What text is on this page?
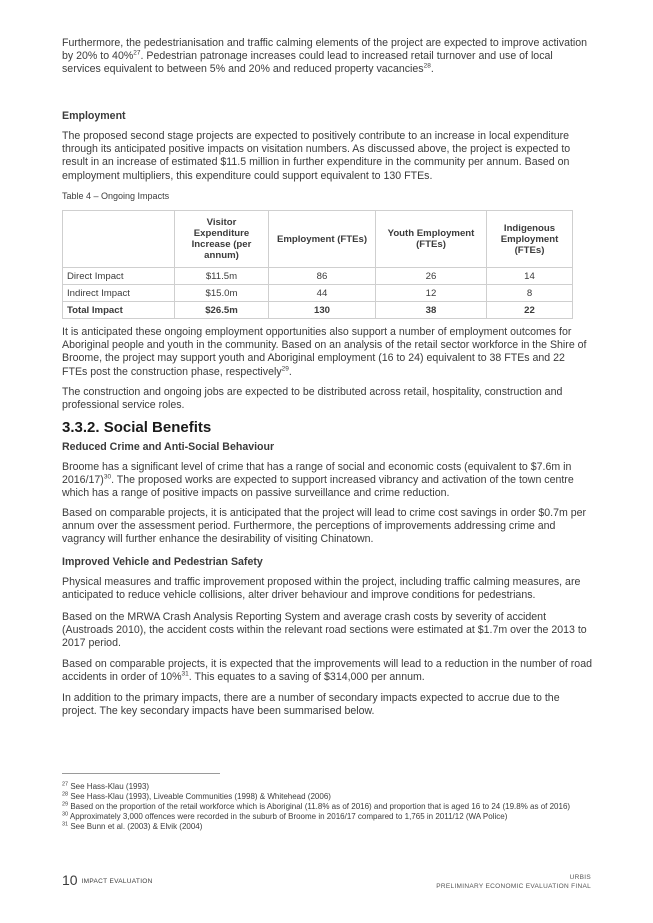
Furthermore, the pedestrianisation and traffic calming elements of the project are expected to improve activation by 20% to 40%$^{27}$. Pedestrian patronage increases could lead to increased retail turnover and use of local services equivalent to between 5% and 20% and reduced property vacancies$^{28}$.

Employment

The proposed second stage projects are expected to positively contribute to an increase in local expenditure through its anticipated positive impacts on visitation numbers. As discussed above, the project is expected to result in an increase of estimated $11.5 million in further expenditure in the community per annum. Based on employment multipliers, this expenditure could support equivalent to 130 FTEs.

Table 4 – Ongoing Impacts
	Visitor Expenditure Increase (per annum)	Employment (FTEs)	Youth Employment (FTEs)	Indigenous Employment (FTEs)
Direct Impact	$11.5m	86	26	14
Indirect Impact	$15.0m	44	12	8
Total Impact	$26.5m	130	38	22

It is anticipated these ongoing employment opportunities also support a number of employment outcomes for Aboriginal people and youth in the community. Based on an analysis of the retail sector workforce in the Shire of Broome, the project may support youth and Aboriginal employment (16 to 24) equivalent to 38 FTEs and 22 FTEs post the construction phase, respectively$^{29}$.

The construction and ongoing jobs are expected to be distributed across retail, hospitality, construction and professional service roles.

3.3.2. Social Benefits
Reduced Crime and Anti-Social Behaviour

Broome has a significant level of crime that has a range of social and economic costs (equivalent to $7.6m in 2016/17)$^{30}$. The proposed works are expected to support increased vibrancy and activation of the town centre which has a range of positive impacts on passive surveillance and crime reduction.

Based on comparable projects, it is anticipated that the project will lead to crime cost savings in order $0.7m per annum over the assessment period. Furthermore, the perceptions of improvements addressing crime and vagrancy will further enhance the desirability of visiting Chinatown.

Improved Vehicle and Pedestrian Safety

Physical measures and traffic improvement proposed within the project, including traffic calming measures, are anticipated to reduce vehicle collisions, alter driver behaviour and improve conditions for pedestrians.

Based on the MRWA Crash Analysis Reporting System and average crash costs by severity of accident (Austroads 2010), the accident costs within the relevant road sections were estimated at $1.7m over the 2013 to 2017 period.

Based on comparable projects, it is expected that the improvements will lead to a reduction in the number of road accidents in order of 10%$^{31}$. This equates to a saving of $314,000 per annum.

In addition to the primary impacts, there are a number of secondary impacts expected to accrue due to the project. The key secondary impacts have been summarised below.

$^{27}$ See Hass-Klau (1993)
$^{28}$ See Hass-Klau (1993), Liveable Communities (1998) & Whitehead (2006)
$^{29}$ Based on the proportion of the retail workforce which is Aboriginal (11.8% as of 2016) and proportion that is aged 16 to 24 (19.8% as of 2016)
$^{30}$ Approximately 3,000 offences were recorded in the suburb of Broome in 2016/17 compared to 1,765 in 2011/12 (WA Police)
$^{31}$ See Bunn et al. (2003) & Elvik (2004)
10 IMPACT EVALUATION
URBIS
PRELIMINARY ECONOMIC EVALUATION FINAL
